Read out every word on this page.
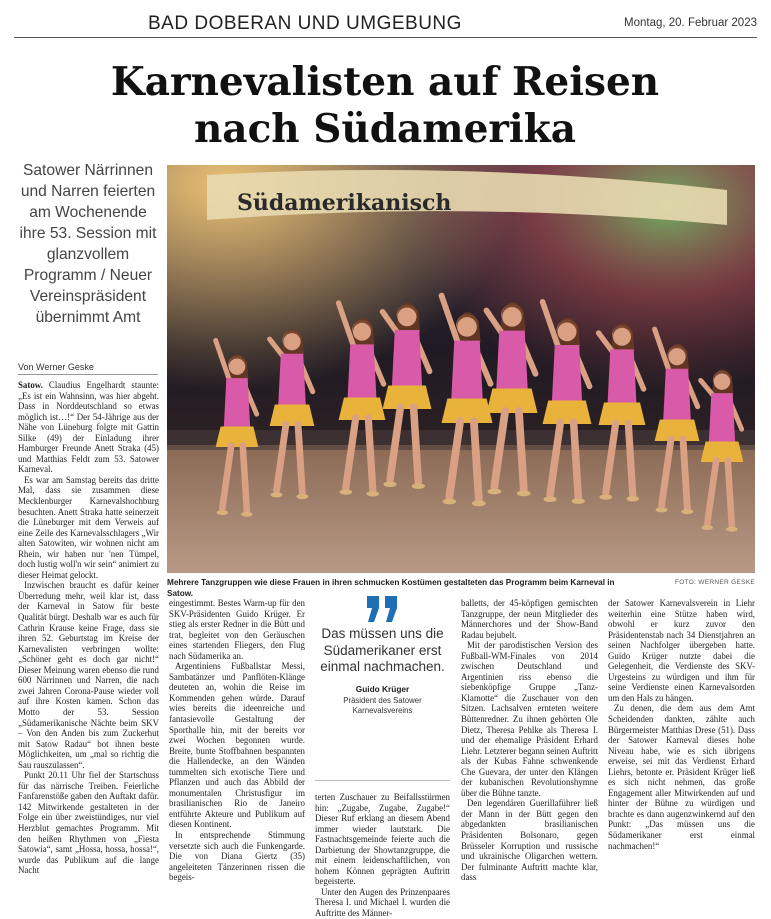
BAD DOBERAN UND UMGEBUNG	Montag, 20. Februar 2023
Karnevalisten auf Reisen
nach Südamerika
Satower Närrinnen und Narren feierten am Wochenende ihre 53. Session mit glanzvollem Programm / Neuer Vereinspräsident übernimmt Amt
Von Werner Geske
Südamerikanisch
Mehrere Tanzgruppen wie diese Frauen in ihren schmucken Kostümen gestalteten das Programm beim Karneval in Satow.
FOTO: WERNER GESKE

Satow. Claudius Engelhardt staunte: „Es ist ein Wahnsinn, was hier abgeht. Dass in Norddeutschland so etwas möglich ist…!“ Der 54-Jährige aus der Nähe von Lüneburg folgte mit Gattin Silke (49) der Einladung ihrer Hamburger Freunde Anett Straka (45) und Matthias Feldt zum 53. Satower Karneval.

Es war am Samstag bereits das dritte Mal, dass sie zusammen diese Mecklenburger Karnevalshochburg besuchten. Anett Straka hatte seinerzeit die Lüneburger mit dem Verweis auf eine Zeile des Karnevalsschlagers „Wir alten Satowiten, wir wohnen nicht am Rhein, wir haben nur 'nen Tümpel, doch lustig woll'n wir sein“ animiert zu dieser Heimat gelockt.

Inzwischen braucht es dafür keiner Überredung mehr, weil klar ist, dass der Karneval in Satow für beste Qualität bürgt. Deshalb war es auch für Cathrin Krause keine Frage, dass sie ihren 52. Geburtstag im Kreise der Karnevalisten verbringen wollte: „Schöner geht es doch gar nicht!“ Dieser Meinung waren ebenso die rund 600 Närrinnen und Narren, die nach zwei Jahren Corona-Pause wieder voll auf ihre Kosten kamen. Schon das Motto der 53. Session „Südamerikanische Nächte beim SKV – Von den Anden bis zum Zuckerhut mit Satow Radau“ bot ihnen beste Möglichkeiten, um „mal so richtig die Sau rauszulassen“.

Punkt 20.11 Uhr fiel der Startschuss für das närrische Treiben. Feierliche Fanfarenstöße gaben den Auftakt dafür. 142 Mitwirkende gestalteten in der Folge ein über zweistündiges, nur viel Herzblut gemachtes Programm. Mit den heißen Rhythmen von „Fiesta Satowia“, samt „Hossa, hossa, hossa!“, wurde das Publikum auf die lange Nacht

eingestimmt. Bestes Warm-up für den SKV-Präsidenten Guido Krüger. Er stieg als erster Redner in die Bütt und trat, begleitet von den Geräuschen eines startenden Fliegers, den Flug nach Südamerika an.

Argentiniens Fußballstar Messi, Sambatänzer und Panflöten-Klänge deuteten an, wohin die Reise im Kommenden gehen würde. Darauf wies bereits die ideenreiche und fantasievolle Gestaltung der Sporthalle hin, mit der bereits vor zwei Wochen begonnen wurde. Breite, bunte Stoffbahnen bespannten die Hallendecke, an den Wänden tummelten sich exotische Tiere und Pflanzen und auch das Abbild der monumentalen Christusfigur im brasilianischen Rio de Janeiro entführte Akteure und Publikum auf diesen Kontinent.

In entsprechende Stimmung versetzte sich auch die Funkengarde. Die von Diana Giertz (35) angeleiteten Tänzerinnen rissen die begeis-

Das müssen uns die Südamerikaner erst einmal nachmachen.
Guido Krüger
Präsident des Satower Karnevalsvereins

terten Zuschauer zu Beifallsstürmen hin: „Zugabe, Zugabe, Zugabe!“ Dieser Ruf erklang an diesem Abend immer wieder lautstark. Die Fastnachtsgemeinde feierte auch die Darbietung der Showtanzgruppe, die mit einem leidenschaftlichen, von hohem Können geprägten Auftritt begeisterte.

Unter den Augen des Prinzenpaares Theresa I. und Michael I. wurden die Auftritte des Männer-

balletts, der 45-köpfigen gemischten Tanzgruppe, der neun Mitglieder des Männerchores und der Show-Band Radau bejubelt.

Mit der parodistischen Version des Fußball-WM-Finales von 2014 zwischen Deutschland und Argentinien riss ebenso die siebenköpfige Gruppe „Tanz-Klamotte“ die Zuschauer von den Sitzen. Lachsalven ernteten weitere Büttenredner. Zu ihnen gehörten Ole Dietz, Theresa Pehlke als Theresa I. und der ehemalige Präsident Erhard Liehr. Letzterer begann seinen Auftritt als der Kubas Fahne schwenkende Che Guevara, der unter den Klängen der kubanischen Revolutionshymne über die Bühne tanzte.

Den legendären Guerillaführer ließ der Mann in der Bütt gegen den abgedankten brasilianischen Präsidenten Bolsonaro, gegen Brüsseler Korruption und russische und ukrainische Oligarchen wettern. Der fulminante Auftritt machte klar, dass

der Satower Karnevalsverein in Liehr weiterhin eine Stütze haben wird, obwohl er kurz zuvor den Präsidentenstab nach 34 Dienstjahren an seinen Nachfolger übergeben hatte. Guido Krüger nutzte dabei die Gelegenheit, die Verdienste des SKV-Urgesteins zu würdigen und ihm für seine Verdienste einen Karnevalsorden um den Hals zu hängen.

Zu denen, die dem aus dem Amt Scheidenden dankten, zählte auch Bürgermeister Matthias Drese (51). Dass der Satower Karneval dieses hohe Niveau habe, wie es sich übrigens erweise, sei mit das Verdienst Erhard Liehrs, betonte er. Präsident Krüger ließ es sich nicht nehmen, das große Engagement aller Mitwirkenden auf und hinter der Bühne zu würdigen und brachte es dann augenzwinkernd auf den Punkt: „Das müssen uns die Südamerikaner erst einmal nachmachen!“
